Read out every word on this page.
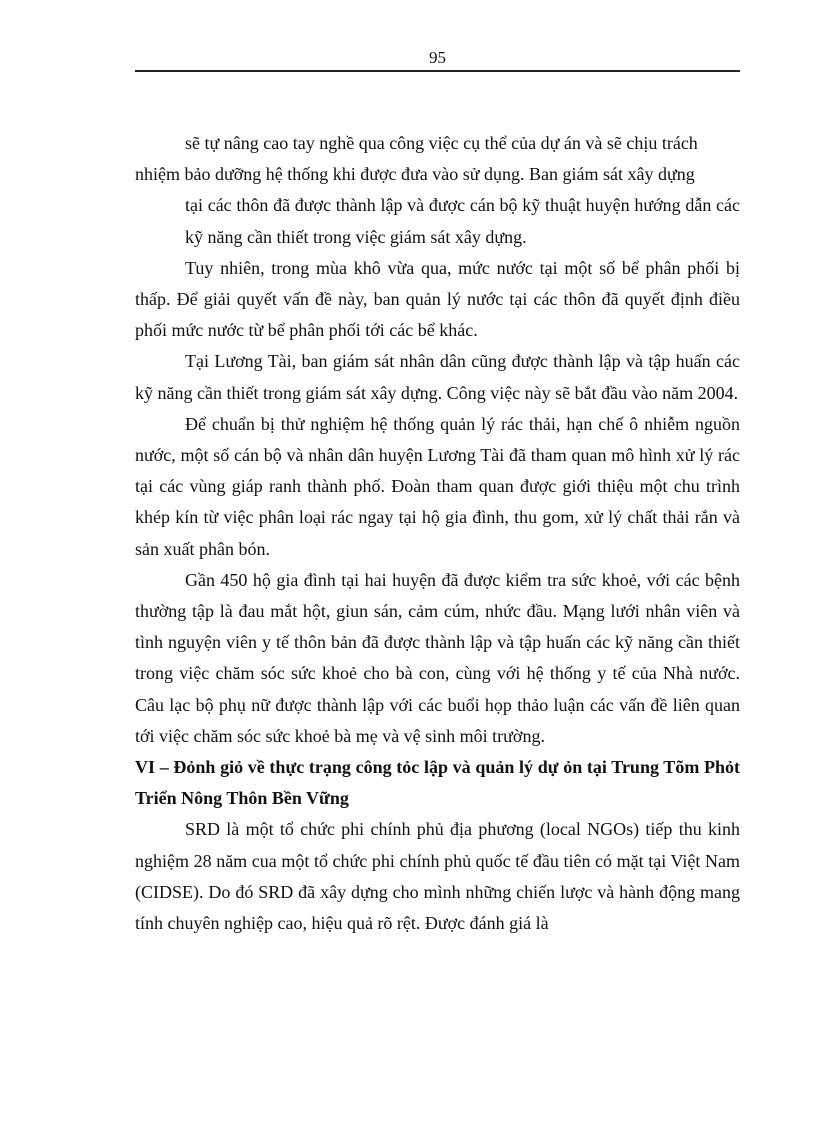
95

sẽ tự nâng cao tay nghề qua công việc cụ thể của dự án và sẽ chịu trách

nhiệm bảo dưỡng hệ thống khi được đưa vào sử dụng. Ban giám sát xây dựng

tại các thôn đã được thành lập và được cán bộ kỹ thuật huyện hướng dẫn các kỹ năng cần thiết trong việc giám sát xây dựng.

Tuy nhiên, trong mùa khô vừa qua, mức nước tại một số bể phân phối bị thấp. Để giải quyết vấn đề này, ban quản lý nước tại các thôn đã quyết định điều phối mức nước từ bể phân phối tới các bể khác.

Tại Lương Tài, ban giám sát nhân dân cũng được thành lập và tập huấn các kỹ năng cần thiết trong giám sát xây dựng. Công việc này sẽ bắt đầu vào năm 2004.

Để chuẩn bị thử nghiệm hệ thống quản lý rác thải, hạn chế ô nhiễm nguồn nước, một số cán bộ và nhân dân huyện Lương Tài đã tham quan mô hình xử lý rác tại các vùng giáp ranh thành phố. Đoàn tham quan được giới thiệu một chu trình khép kín từ việc phân loại rác ngay tại hộ gia đình, thu gom, xử lý chất thải rắn và sản xuất phân bón.

Gần 450 hộ gia đình tại hai huyện đã được kiểm tra sức khoẻ, với các bệnh thường tập là đau mắt hột, giun sán, cảm cúm, nhức đầu. Mạng lưới nhân viên và tình nguyện viên y tế thôn bản đã được thành lập và tập huấn các kỹ năng cần thiết trong việc chăm sóc sức khoẻ cho bà con, cùng với hệ thống y tế của Nhà nước. Câu lạc bộ phụ nữ được thành lập với các buổi họp thảo luận các vấn đề liên quan tới việc chăm sóc sức khoẻ bà mẹ và vệ sinh môi trường.

VI – Đỏnh giỏ về thực trạng công tỏc lập và quản lý dự ỏn tại Trung Tõm Phỏt Triển Nông Thôn Bền Vững

SRD là một tổ chức phi chính phủ địa phương (local NGOs) tiếp thu kinh nghiệm 28 năm cua một tổ chức phi chính phủ quốc tế đầu tiên có mặt tại Việt Nam (CIDSE). Do đó SRD đã xây dựng cho mình những chiến lược và hành động mang tính chuyên nghiệp cao, hiệu quả rõ rệt. Được đánh giá là
